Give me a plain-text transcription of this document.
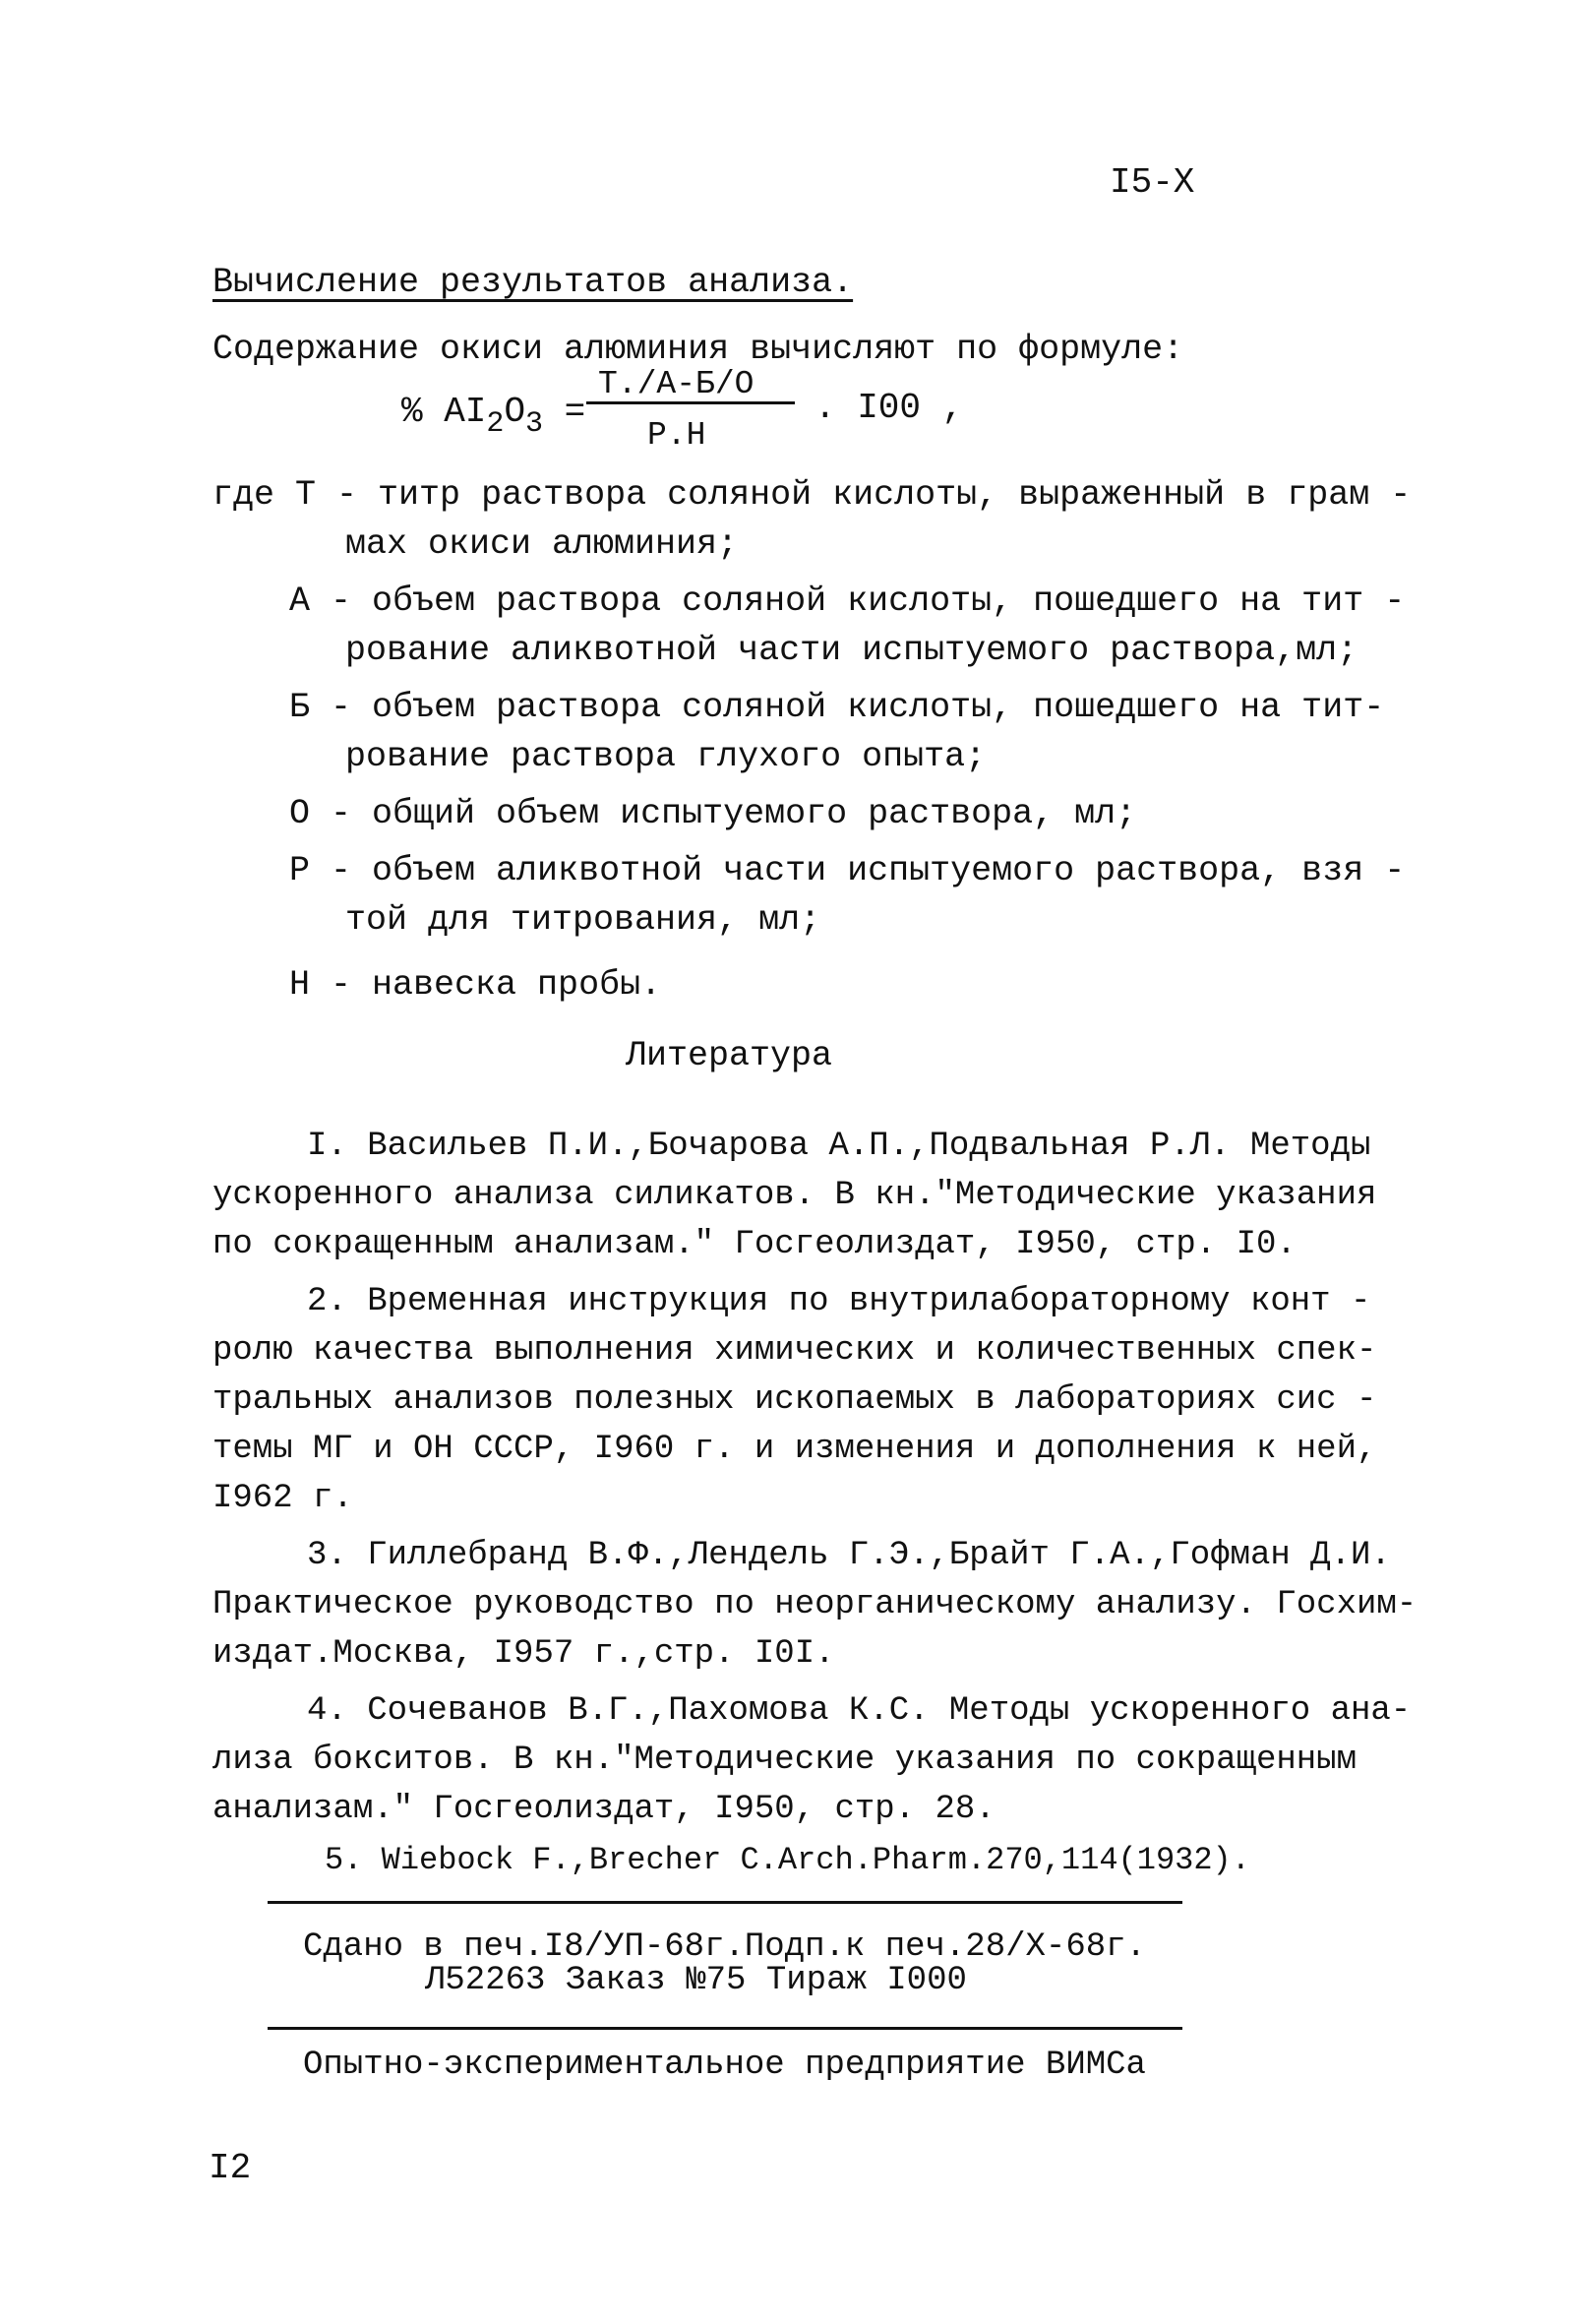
I5-X
Вычисление результатов анализа.
Содержание окиси алюминия вычисляют по формуле:
% $AI_2O_3$ =
T./A-Б/O
P.H
. I00 ,
где T - титр раствора соляной кислоты, выраженный в грам -
мах окиси алюминия;
A - объем раствора соляной кислоты, пошедшего на тит -
рование аликвотной части испытуемого раствора,мл;
Б - объем раствора соляной кислоты, пошедшего на тит-
рование раствора глухого опыта;
O - общий объем испытуемого раствора, мл;
P - объем аликвотной части испытуемого раствора, взя -
той для титрования, мл;
H - навеска пробы.
Литература
I. Васильев П.И.,Бочарова А.П.,Подвальная Р.Л. Методы
ускоренного анализа силикатов. В кн."Методические указания
по сокращенным анализам." Госгеолиздат, I950, стр. I0.
2. Временная инструкция по внутрилабораторному конт -
ролю качества выполнения химических и количественных спек-
тральных анализов полезных ископаемых в лабораториях сис -
темы МГ и ОН СССР, I960 г. и изменения и дополнения к ней,
I962 г.
3. Гиллебранд В.Ф.,Лендель Г.Э.,Брайт Г.А.,Гофман Д.И.
Практическое руководство по неорганическому анализу. Госхим-
издат.Москва, I957 г.,стр. I0I.
4. Сочеванов В.Г.,Пахомова К.С. Методы ускоренного ана-
лиза бокситов. В кн."Методические указания по сокращенным
анализам." Госгеолиздат, I950, стр. 28.
5. Wiebock F.,Brecher C.Arch.Pharm.270,114(1932).
Сдано в печ.I8/УП-68г.Подп.к печ.28/X-68г.
Л52263 Заказ №75 Тираж I000
Опытно-экспериментальное предприятие ВИМСа
I2
